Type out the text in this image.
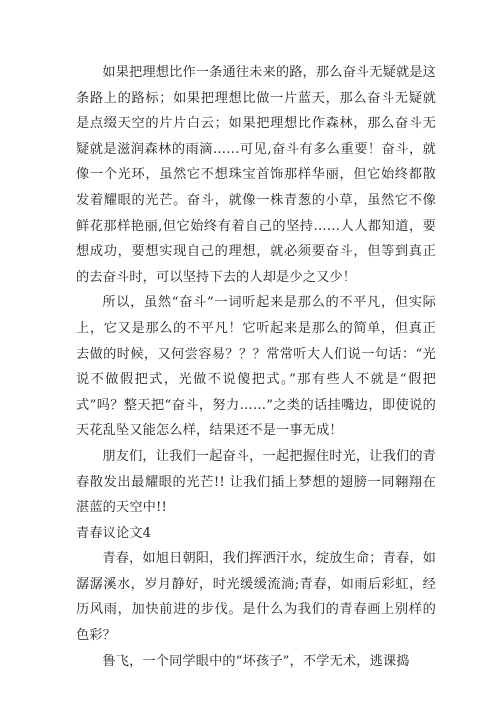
如果把理想比作一条通往未来的路，那么奋斗无疑就是这条路上的路标；如果把理想比做一片蓝天，那么奋斗无疑就是点缀天空的片片白云；如果把理想比作森林，那么奋斗无疑就是滋润森林的雨滴……可见,奋斗有多么重要！奋斗，就像一个光环，虽然它不想珠宝首饰那样华丽，但它始终都散发着耀眼的光芒。奋斗，就像一株青葱的小草，虽然它不像鲜花那样艳丽,但它始终有着自己的坚持……人人都知道，要想成功，要想实现自己的理想，就必须要奋斗，但等到真正的去奋斗时，可以坚持下去的人却是少之又少！

所以，虽然“奋斗”一词听起来是那么的不平凡，但实际上，它又是那么的不平凡！它听起来是那么的简单，但真正去做的时候，又何尝容易？？？常常听大人们说一句话：“光说不做假把式，光做不说傻把式。”那有些人不就是“假把式”吗？整天把“奋斗，努力……”之类的话挂嘴边，即使说的天花乱坠又能怎么样，结果还不是一事无成！

朋友们，让我们一起奋斗，一起把握住时光，让我们的青春散发出最耀眼的光芒!! 让我们插上梦想的翅膀一同翱翔在湛蓝的天空中!!

青春议论文4

青春，如旭日朝阳，我们挥洒汗水，绽放生命；青春，如潺潺溪水，岁月静好，时光缓缓流淌;青春，如雨后彩虹，经历风雨，加快前进的步伐。是什么为我们的青春画上别样的色彩？

鲁飞，一个同学眼中的“坏孩子”，不学无术，逃课捣
